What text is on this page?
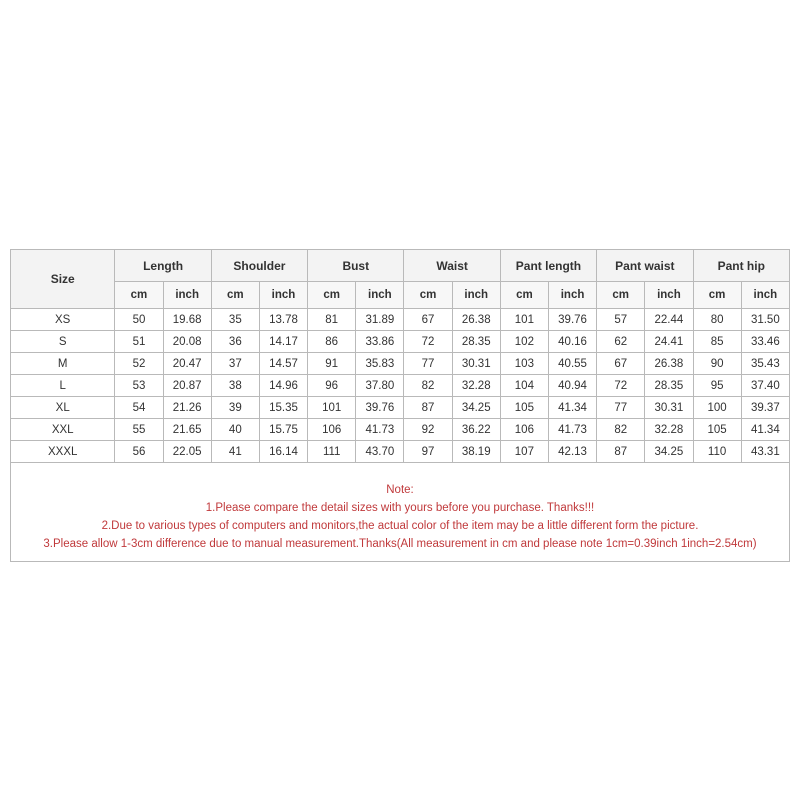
Size	Length		Shoulder		Bust		Waist		Pant length		Pant waist		Pant hip	
	cm	inch	cm	inch	cm	inch	cm	inch	cm	inch	cm	inch	cm	inch
XS	50	19.68	35	13.78	81	31.89	67	26.38	101	39.76	57	22.44	80	31.50
S	51	20.08	36	14.17	86	33.86	72	28.35	102	40.16	62	24.41	85	33.46
M	52	20.47	37	14.57	91	35.83	77	30.31	103	40.55	67	26.38	90	35.43
L	53	20.87	38	14.96	96	37.80	82	32.28	104	40.94	72	28.35	95	37.40
XL	54	21.26	39	15.35	101	39.76	87	34.25	105	41.34	77	30.31	100	39.37
XXL	55	21.65	40	15.75	106	41.73	92	36.22	106	41.73	82	32.28	105	41.34
XXXL	56	22.05	41	16.14	111	43.70	97	38.19	107	42.13	87	34.25	110	43.31
Note:
1.Please compare the detail sizes with yours before you purchase. Thanks!!!
2.Due to various types of computers and monitors,the actual color of the item may be a little different form the picture.
3.Please allow 1-3cm difference due to manual measurement.Thanks(All measurement in cm and please note 1cm=0.39inch 1inch=2.54cm)
